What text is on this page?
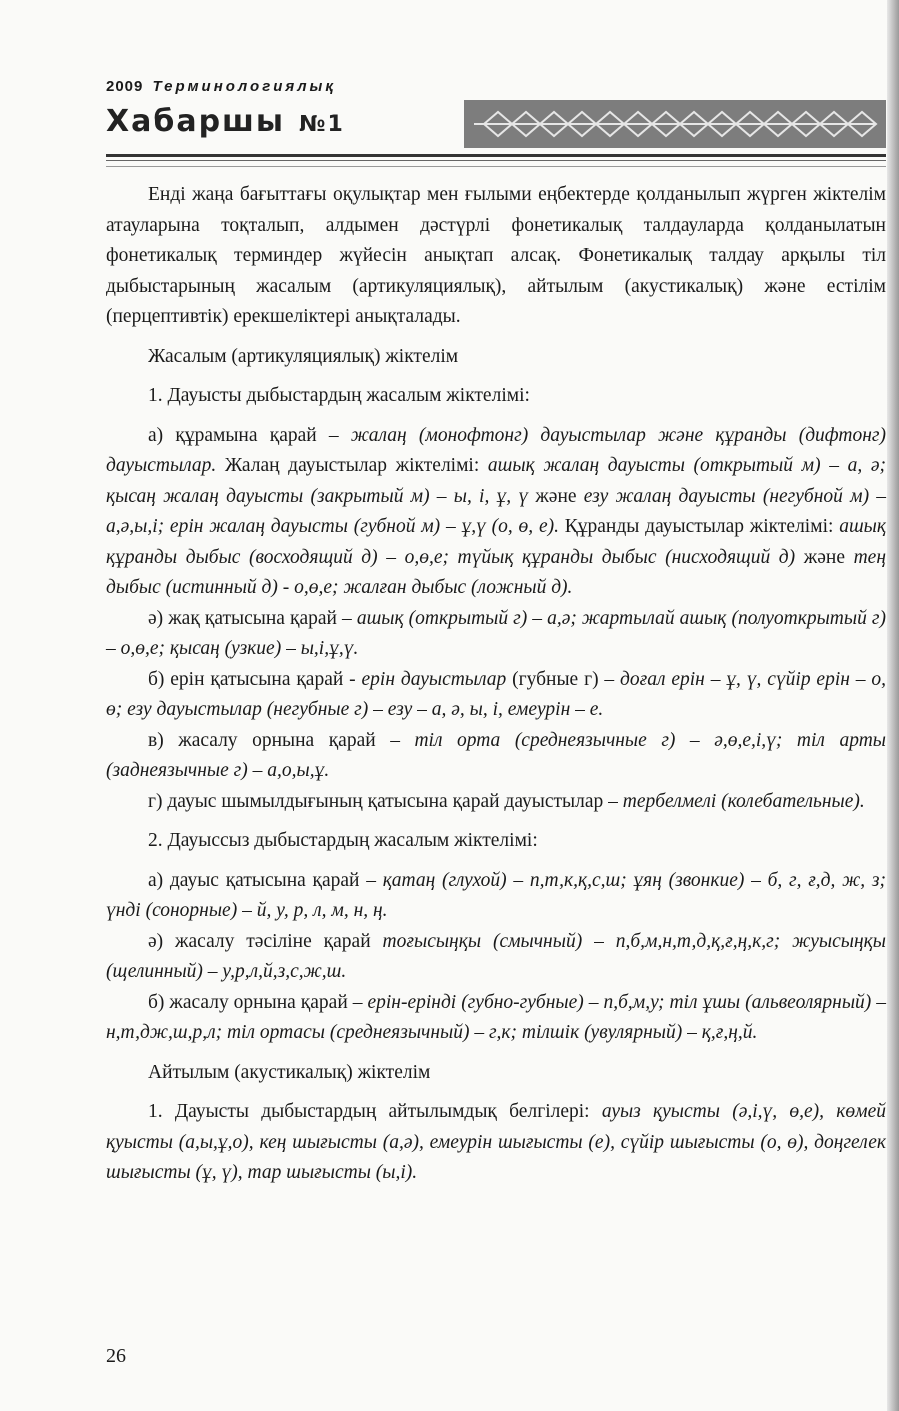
2009 Терминологиялық
Хабаршы №1

Енді жаңа бағыттағы оқулықтар мен ғылыми еңбектерде қолданылып жүрген жіктелім атауларына тоқталып, алдымен дәстүрлі фонетикалық талдауларда қолданылатын фонетикалық терминдер жүйесін анықтап алсақ. Фонетикалық талдау арқылы тіл дыбыстарының жасалым (артикуляциялық), айтылым (акустикалық) және естілім (перцептивтік) ерекшеліктері анықталады.

Жасалым (артикуляциялық) жіктелім

1. Дауысты дыбыстардың жасалым жіктелімі:

а) құрамына қарай – жалаң (монофтонг) дауыстылар және құранды (дифтонг) дауыстылар. Жалаң дауыстылар жіктелімі: ашық жалаң дауысты (открытый м) – а, ә; қысаң жалаң дауысты (закрытый м) – ы, і, ұ, ү және езу жалаң дауысты (негубной м) – а,ә,ы,і; ерін жалаң дауысты (губной м) – ұ,ү (о, ө, е). Құранды дауыстылар жіктелімі: ашық құранды дыбыс (восходящий д) – о,ө,е; түйық құранды дыбыс (нисходящий д) және тең дыбыс (истинный д) - о,ө,е; жалған дыбыс (ложный д).

ә) жақ қатысына қарай – ашық (открытый г) – а,ә; жартылай ашық (полуоткрытый г) – о,ө,е; қысаң (узкие) – ы,і,ұ,ү.

б) ерін қатысына қарай - ерін дауыстылар (губные г) – доғал ерін – ұ, ү, сүйір ерін – о, ө; езу дауыстылар (негубные г) – езу – а, ә, ы, і, емеурін – е.

в) жасалу орнына қарай – тіл орта (среднеязычные г) – ә,ө,е,і,ү; тіл арты (заднеязычные г) – а,о,ы,ұ.

г) дауыс шымылдығының қатысына қарай дауыстылар – тербелмелі (колебательные).

2. Дауыссыз дыбыстардың жасалым жіктелімі:

а) дауыс қатысына қарай – қатаң (глухой) – п,т,к,қ,с,ш; ұяң (звонкие) – б, г, ғ,д, ж, з; үнді (сонорные) – й, у, р, л, м, н, ң.

ә) жасалу тәсіліне қарай тоғысыңқы (смычный) – п,б,м,н,т,д,қ,ғ,ң,к,г; жуысыңқы (щелинный) – у,р,л,й,з,с,ж,ш.

б) жасалу орнына қарай – ерін-ерінді (губно-губные) – п,б,м,у; тіл ұшы (альвеолярный) – н,т,дж,ш,р,л; тіл ортасы (среднеязычный) – г,к; тілшік (увулярный) – қ,ғ,ң,й.

Айтылым (акустикалық) жіктелім

1. Дауысты дыбыстардың айтылымдық белгілері: ауыз қуысты (ә,і,ү, ө,е), көмей қуысты (а,ы,ұ,о), кең шығысты (а,ә), емеурін шығысты (е), сүйір шығысты (о, ө), доңгелек шығысты (ұ, ү), тар шығысты (ы,і).

26
